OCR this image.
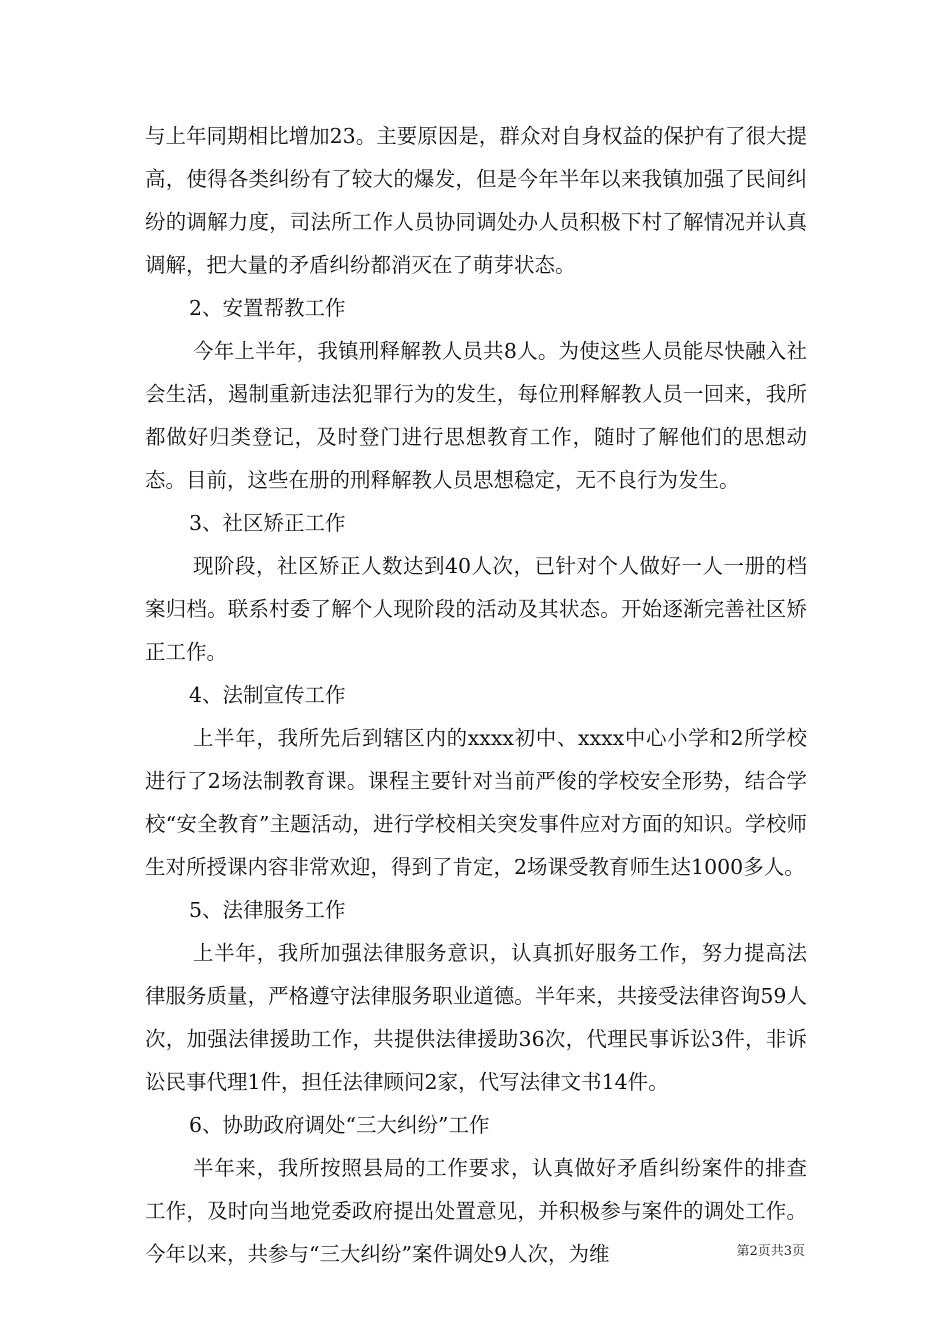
与上年同期相比增加23。主要原因是，群众对自身权益的保护有了很大提高，使得各类纠纷有了较大的爆发，但是今年半年以来我镇加强了民间纠纷的调解力度，司法所工作人员协同调处办人员积极下村了解情况并认真调解，把大量的矛盾纠纷都消灭在了萌芽状态。

2、安置帮教工作

今年上半年，我镇刑释解教人员共8人。为使这些人员能尽快融入社会生活，遏制重新违法犯罪行为的发生，每位刑释解教人员一回来，我所都做好归类登记，及时登门进行思想教育工作，随时了解他们的思想动态。目前，这些在册的刑释解教人员思想稳定，无不良行为发生。

3、社区矫正工作

现阶段，社区矫正人数达到40人次，已针对个人做好一人一册的档案归档。联系村委了解个人现阶段的活动及其状态。开始逐渐完善社区矫正工作。

4、法制宣传工作

上半年，我所先后到辖区内的xxxx初中、xxxx中心小学和2所学校进行了2场法制教育课。课程主要针对当前严俊的学校安全形势，结合学校“安全教育”主题活动，进行学校相关突发事件应对方面的知识。学校师生对所授课内容非常欢迎，得到了肯定，2场课受教育师生达1000多人。

5、法律服务工作

上半年，我所加强法律服务意识，认真抓好服务工作，努力提高法律服务质量，严格遵守法律服务职业道德。半年来，共接受法律咨询59人次，加强法律援助工作，共提供法律援助36次，代理民事诉讼3件，非诉讼民事代理1件，担任法律顾问2家，代写法律文书14件。

6、协助政府调处“三大纠纷”工作

半年来，我所按照县局的工作要求，认真做好矛盾纠纷案件的排查工作，及时向当地党委政府提出处置意见，并积极参与案件的调处工作。今年以来，共参与“三大纠纷”案件调处9人次，为维	第2页共3页
